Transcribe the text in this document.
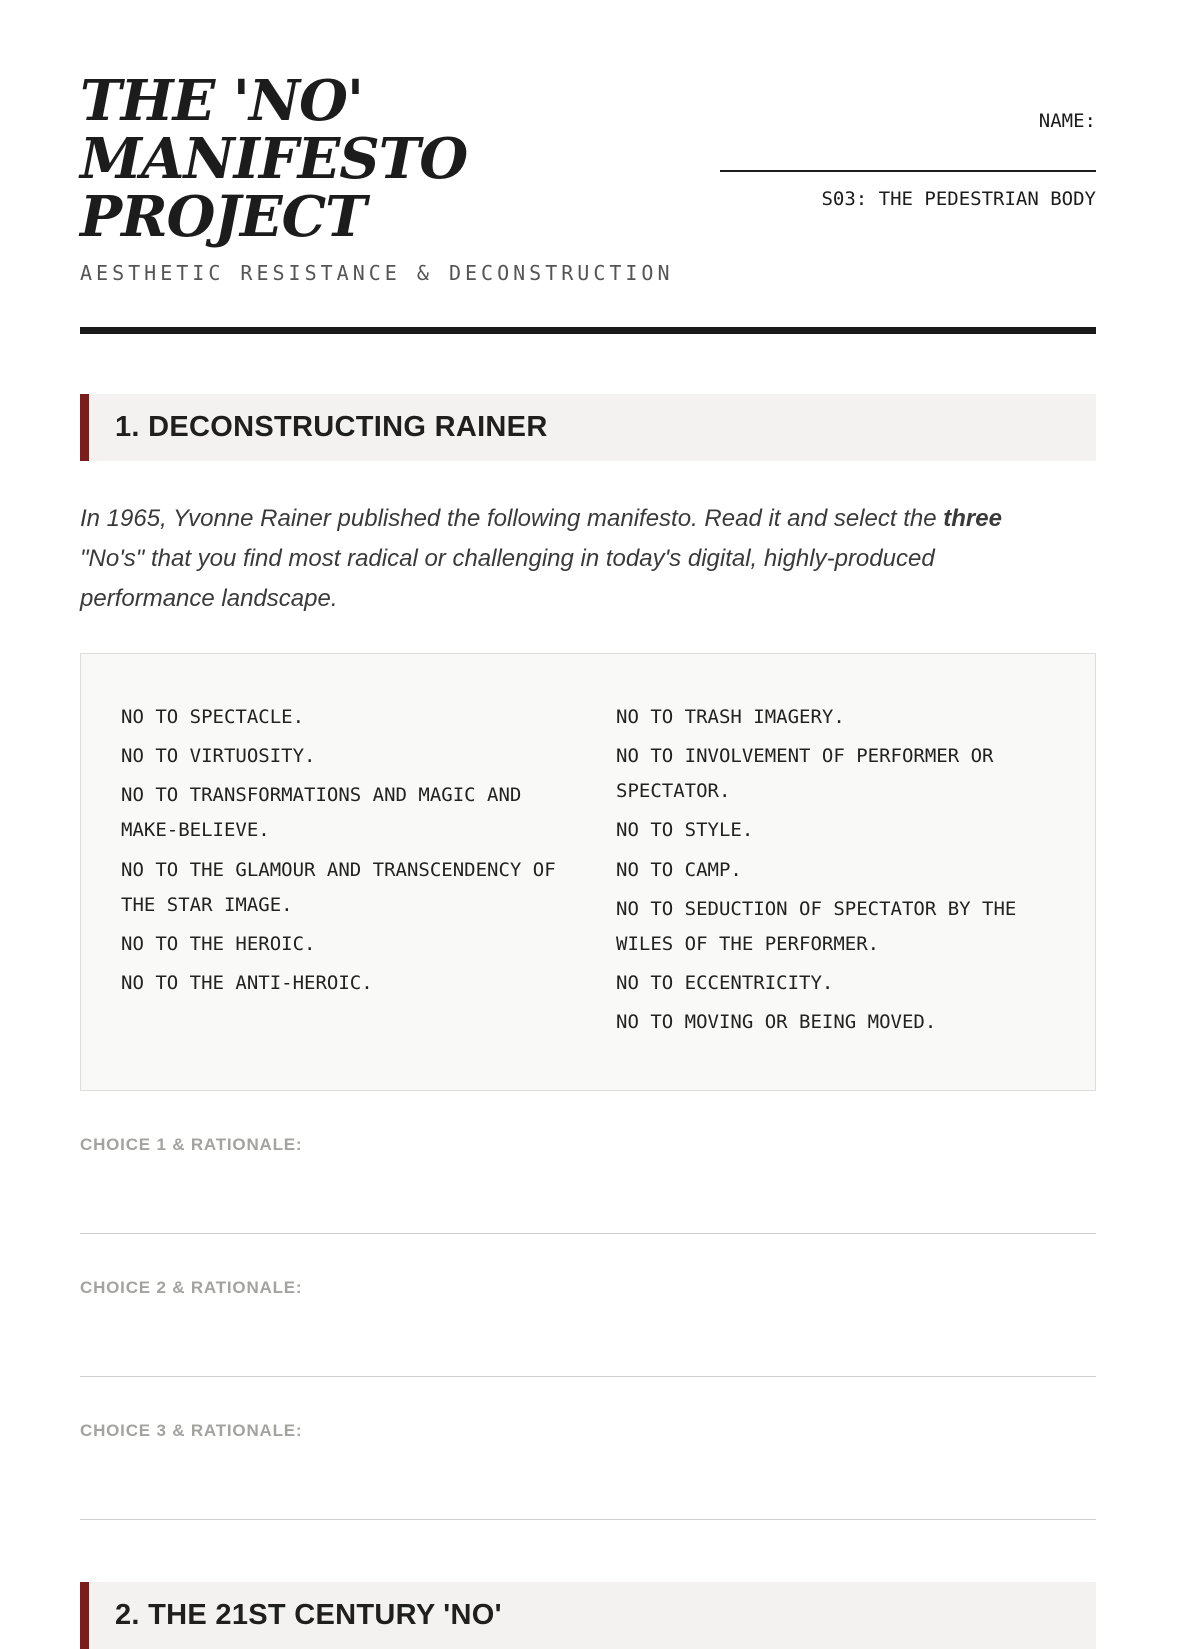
THE 'NO' MANIFESTO
PROJECT
AESTHETIC RESISTANCE & DECONSTRUCTION
NAME:
S03: THE PEDESTRIAN BODY
1. DECONSTRUCTING RAINER

In 1965, Yvonne Rainer published the following manifesto. Read it and select the three "No's" that you find most radical or challenging in today's digital, highly-produced performance landscape.

NO TO SPECTACLE.
NO TO VIRTUOSITY.
NO TO TRANSFORMATIONS AND MAGIC AND MAKE-BELIEVE.
NO TO THE GLAMOUR AND TRANSCENDENCY OF THE STAR IMAGE.
NO TO THE HEROIC.
NO TO THE ANTI-HEROIC.
NO TO TRASH IMAGERY.
NO TO INVOLVEMENT OF PERFORMER OR SPECTATOR.
NO TO STYLE.
NO TO CAMP.
NO TO SEDUCTION OF SPECTATOR BY THE WILES OF THE PERFORMER.
NO TO ECCENTRICITY.
NO TO MOVING OR BEING MOVED.
CHOICE 1 & RATIONALE:
CHOICE 2 & RATIONALE:
CHOICE 3 & RATIONALE:
2. THE 21ST CENTURY 'NO'
